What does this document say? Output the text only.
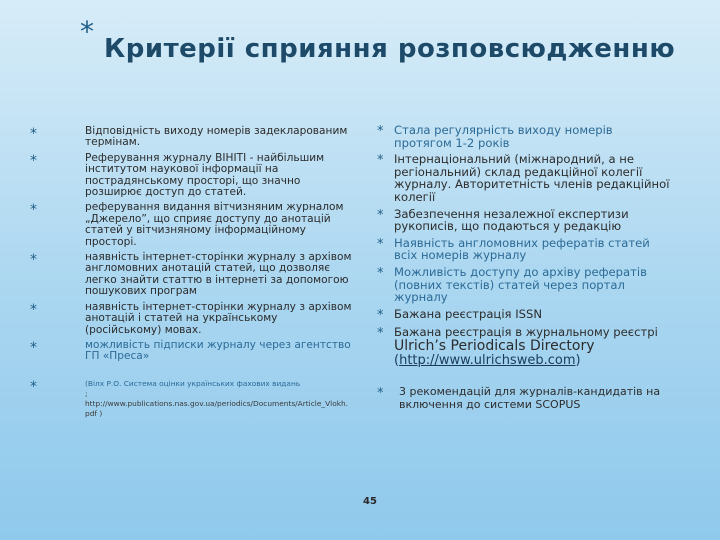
*
Критерії сприяння розповсюдженню
*	Відповідність виходу номерів задекларованим термінам.
*	Реферування журналу ВІНІТІ - найбільшим інститутом наукової інформації на пострадянському просторі, що значно розширює доступ до статей.
*	реферування видання вітчизняним журналом „Джерело”, що сприяє доступу до анотацій статей у вітчизняному інформаційному просторі.
*	наявність інтернет-сторінки журналу з архівом англомовних анотацій статей, що дозволяє легко знайти статтю в інтернеті за допомогою пошукових програм
*	наявність інтернет-сторінки журналу з архівом анотацій і статей на українському (російському) мовах.
*	можливість підписки журналу через агентство ГП «Преса»
*	(Вілх Р.О. Система оцінки українських фахових видань
;
http://www.publications.nas.gov.ua/periodics/Documents/Article_Vlokh.pdf )
* Стала регулярність виходу номерів протягом 1-2 років
* Інтернаціональний (міжнародний, а не регіональний) склад редакційної колегії журналу. Авторитетність членів редакційної колегії
* Забезпечення незалежної експертизи рукописів, що подаються у редакцію
* Наявність англомовних рефератів статей всіх номерів журналу
* Можливість доступу до архіву рефератів (повних текстів) статей через портал журналу
* Бажана реєстрація ISSN
* Бажана реєстрація в журнальному реєстрі Ulrich’s Periodicals Directory (http://www.ulrichsweb.com)
*	3 рекомендацій для журналів-кандидатів на включення до системи SCOPUS
45
